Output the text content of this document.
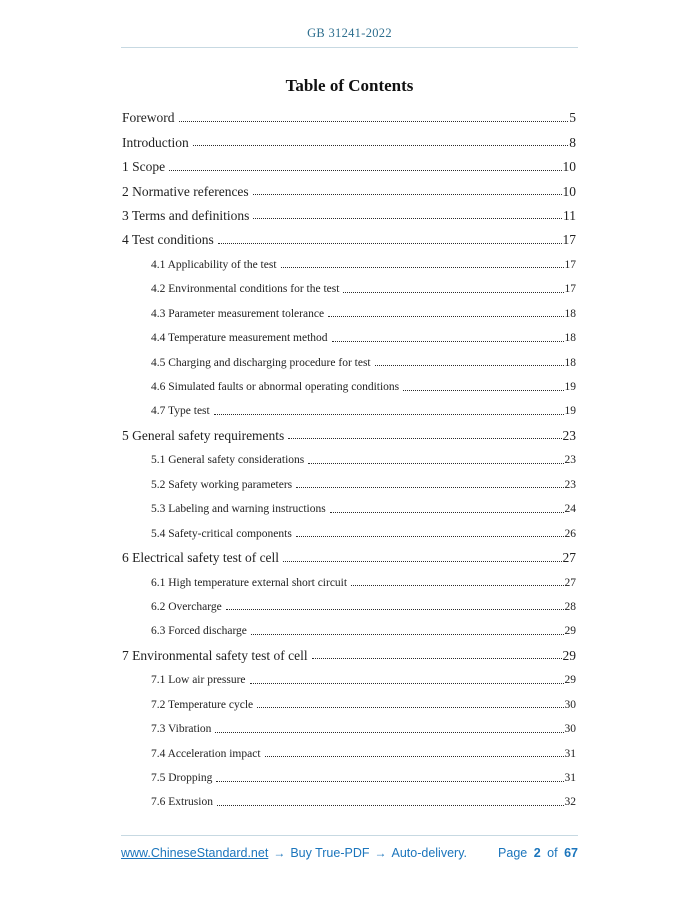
GB 31241-2022
Table of Contents
Foreword	5
Introduction	8
1 Scope	10
2 Normative references	10
3 Terms and definitions	11
4 Test conditions	17
4.1 Applicability of the test	17
4.2 Environmental conditions for the test	17
4.3 Parameter measurement tolerance	18
4.4 Temperature measurement method	18
4.5 Charging and discharging procedure for test	18
4.6 Simulated faults or abnormal operating conditions	19
4.7 Type test	19
5 General safety requirements	23
5.1 General safety considerations	23
5.2 Safety working parameters	23
5.3 Labeling and warning instructions	24
5.4 Safety-critical components	26
6 Electrical safety test of cell	27
6.1 High temperature external short circuit	27
6.2 Overcharge	28
6.3 Forced discharge	29
7 Environmental safety test of cell	29
7.1 Low air pressure	29
7.2 Temperature cycle	30
7.3 Vibration	30
7.4 Acceleration impact	31
7.5 Dropping	31
7.6 Extrusion	32
www.ChineseStandard.net → Buy True-PDF → Auto-delivery. Page 2 of 67
